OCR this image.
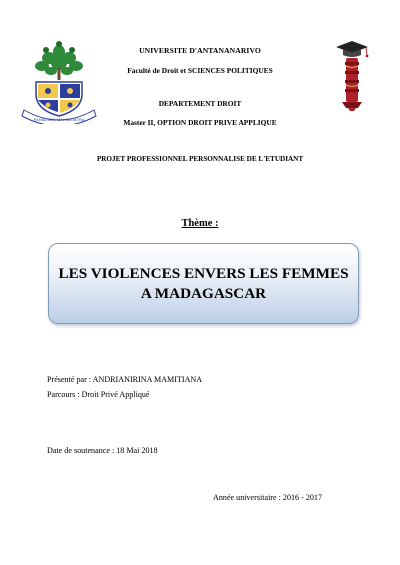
FAHAIZANA MAHAVOATRA
UNIVERSITE D'ANTANANARIVO
Faculté de Droit et SCIENCES POLITIQUES
DEPARTEMENT DROIT
Master II, OPTION DROIT PRIVE APPLIQUE
PROJET PROFESSIONNEL PERSONNALISE DE L'ETUDIANT
Thème :
LES VIOLENCES ENVERS LES FEMMES
A MADAGASCAR
Présenté par : ANDRIANIRINA MAMITIANA
Parcours : Droit Privé Appliqué
Date de soutenance : 18 Mai 2018
Année universitaire : 2016 - 2017
